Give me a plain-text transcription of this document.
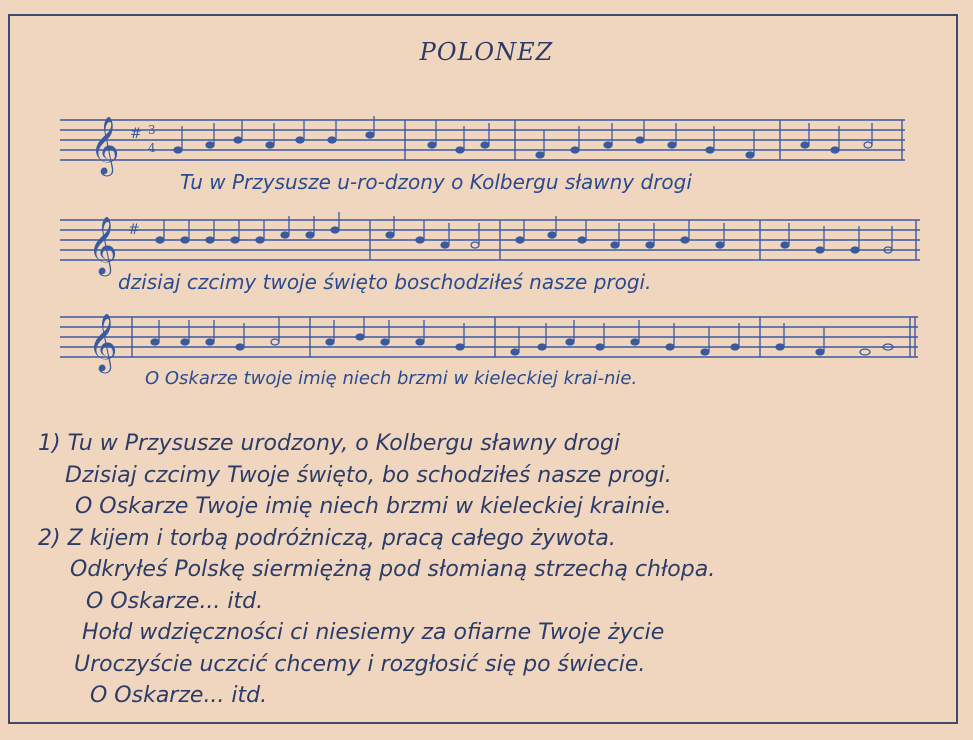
POLONEZ
𝄞 # 3
4
Tu w Przysusze u-ro-dzony o Kolbergu sławny drogi
𝄞 #
dzisiaj czcimy twoje święto boschodziłeś nasze progi.
𝄞
O Oskarze twoje imię niech brzmi w kieleckiej krai-nie.
1) Tu w Przysusze urodzony, o Kolbergu sławny drogi
Dzisiaj czcimy Twoje święto, bo schodziłeś nasze progi.
O Oskarze Twoje imię niech brzmi w kieleckiej krainie.
2) Z kijem i torbą podróżniczą, pracą całego żywota.
Odkryłeś Polskę siermiężną pod słomianą strzechą chłopa.
O Oskarze... itd.
Hołd wdzięczności ci niesiemy za ofiarne Twoje życie
Uroczyście uczcić chcemy i rozgłosić się po świecie.
O Oskarze... itd.
